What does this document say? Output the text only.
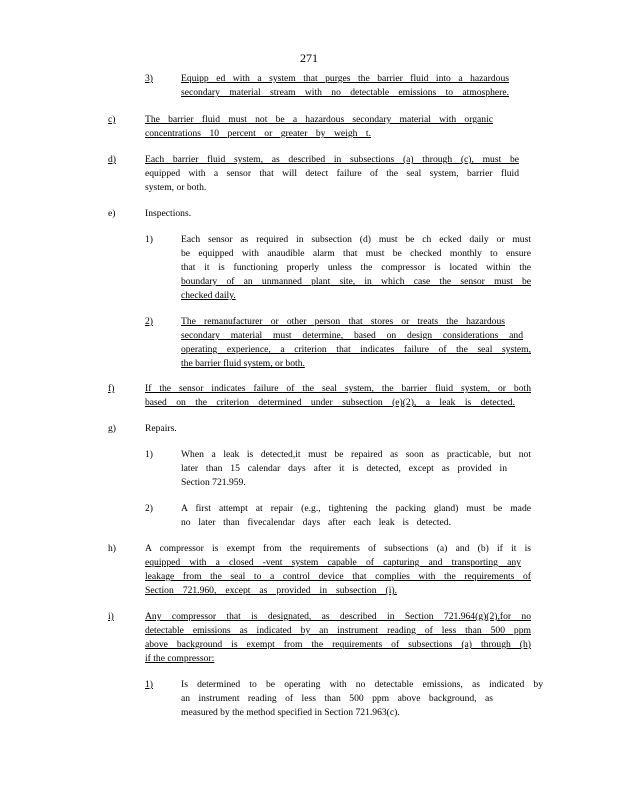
271
3)	Equipp ed with a system that purges the barrier fluid into a hazardous
secondary material stream with no detectable emissions to atmosphere.
c)	The barrier fluid must not be a hazardous secondary material with organic
concentrations 10 percent or greater by weigh t.
d)	Each barrier fluid system, as described in subsections (a) through (c), must be
equipped with a sensor that will detect failure of the seal system, barrier fluid
system, or both.
e)	Inspections.
1)	Each sensor as required in subsection (d) must be ch ecked daily or must
be equipped with anaudible alarm that must be checked monthly to ensure
that it is functioning properly unless the compressor is located within the
boundary of an unmanned plant site, in which case the sensor must be
checked daily.
2)	The remanufacturer or other person that stores or treats the hazardous
secondary material must determine, based on design considerations and
operating experience, a criterion that indicates failure of the seal system,
the barrier fluid system, or both.
f)	If the sensor indicates failure of the seal system, the barrier fluid system, or both
based on the criterion determined under subsection (e)(2), a leak is detected.
g)	Repairs.
1)	When a leak is detected,it must be repaired as soon as practicable, but not
later than 15 calendar days after it is detected, except as provided in
Section 721.959.
2)	A first attempt at repair (e.g., tightening the packing gland) must be made
no later than fivecalendar days after each leak is detected.
h)	A compressor is exempt from the requirements of subsections (a) and (b) if it is
equipped with a closed -vent system capable of capturing and transporting any
leakage from the seal to a control device that complies with the requirements of
Section 721.960, except as provided in subsection (i).
i)	Any compressor that is designated, as described in Section 721.964(g)(2),for no
detectable emissions as indicated by an instrument reading of less than 500 ppm
above background is exempt from the requirements of subsections (a) through (h)
if the compressor:
1)	Is determined to be operating with no detectable emissions, as indicated by
an instrument reading of less than 500 ppm above background, as
measured by the method specified in Section 721.963(c).
